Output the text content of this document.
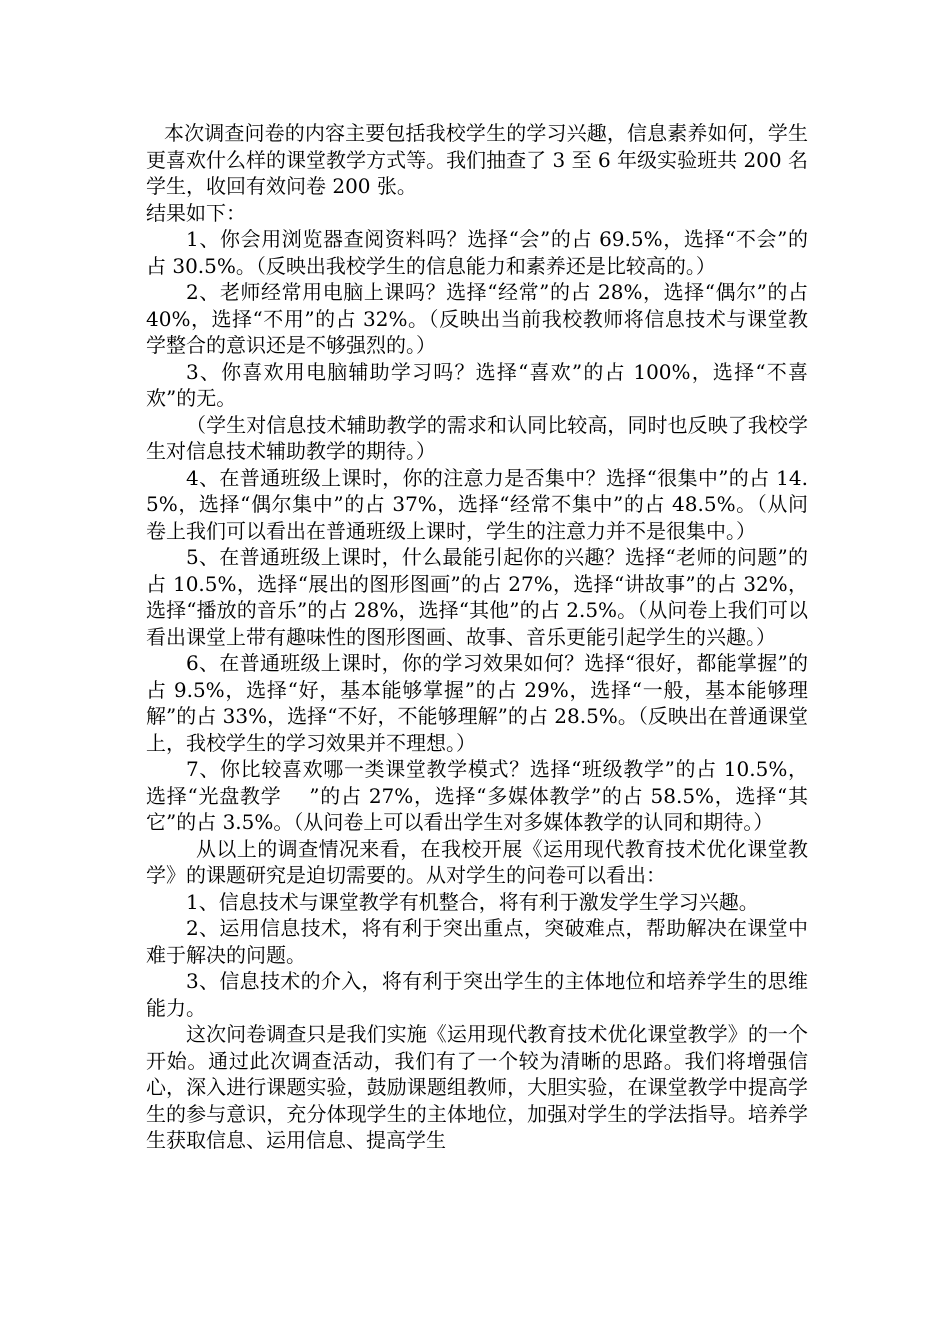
本次调查问卷的内容主要包括我校学生的学习兴趣，信息素养如何，学生更喜欢什么样的课堂教学方式等。我们抽查了 3 至 6 年级实验班共 200 名学生，收回有效问卷 200 张。

结果如下：

1、你会用浏览器查阅资料吗？选择“会”的占 69.5%，选择“不会”的占 30.5%。（反映出我校学生的信息能力和素养还是比较高的。）

2、老师经常用电脑上课吗？选择“经常”的占 28%，选择“偶尔”的占 40%，选择“不用”的占 32%。（反映出当前我校教师将信息技术与课堂教学整合的意识还是不够强烈的。）

3、你喜欢用电脑辅助学习吗？选择“喜欢”的占 100%，选择“不喜欢”的无。

（学生对信息技术辅助教学的需求和认同比较高，同时也反映了我校学生对信息技术辅助教学的期待。）

4、在普通班级上课时，你的注意力是否集中？选择“很集中”的占 14.5%，选择“偶尔集中”的占 37%，选择“经常不集中”的占 48.5%。（从问卷上我们可以看出在普通班级上课时，学生的注意力并不是很集中。）

5、在普通班级上课时，什么最能引起你的兴趣？选择“老师的问题”的占 10.5%，选择“展出的图形图画”的占 27%，选择“讲故事”的占 32%，选择“播放的音乐”的占 28%，选择“其他”的占 2.5%。（从问卷上我们可以看出课堂上带有趣味性的图形图画、故事、音乐更能引起学生的兴趣。）

6、在普通班级上课时，你的学习效果如何？选择“很好，都能掌握”的占 9.5%，选择“好，基本能够掌握”的占 29%，选择“一般，基本能够理解”的占 33%，选择“不好，不能够理解”的占 28.5%。（反映出在普通课堂上，我校学生的学习效果并不理想。）

7、你比较喜欢哪一类课堂教学模式？选择“班级教学”的占 10.5%，选择“光盘教学　 ”的占 27%，选择“多媒体教学”的占 58.5%，选择“其它”的占 3.5%。（从问卷上可以看出学生对多媒体教学的认同和期待。）

从以上的调查情况来看，在我校开展《运用现代教育技术优化课堂教学》的课题研究是迫切需要的。从对学生的问卷可以看出：

1、信息技术与课堂教学有机整合，将有利于激发学生学习兴趣。

2、运用信息技术，将有利于突出重点，突破难点，帮助解决在课堂中难于解决的问题。

3、信息技术的介入，将有利于突出学生的主体地位和培养学生的思维能力。

这次问卷调查只是我们实施《运用现代教育技术优化课堂教学》的一个开始。通过此次调查活动，我们有了一个较为清晰的思路。我们将增强信心，深入进行课题实验，鼓励课题组教师，大胆实验，在课堂教学中提高学生的参与意识，充分体现学生的主体地位，加强对学生的学法指导。培养学生获取信息、运用信息、提高学生
